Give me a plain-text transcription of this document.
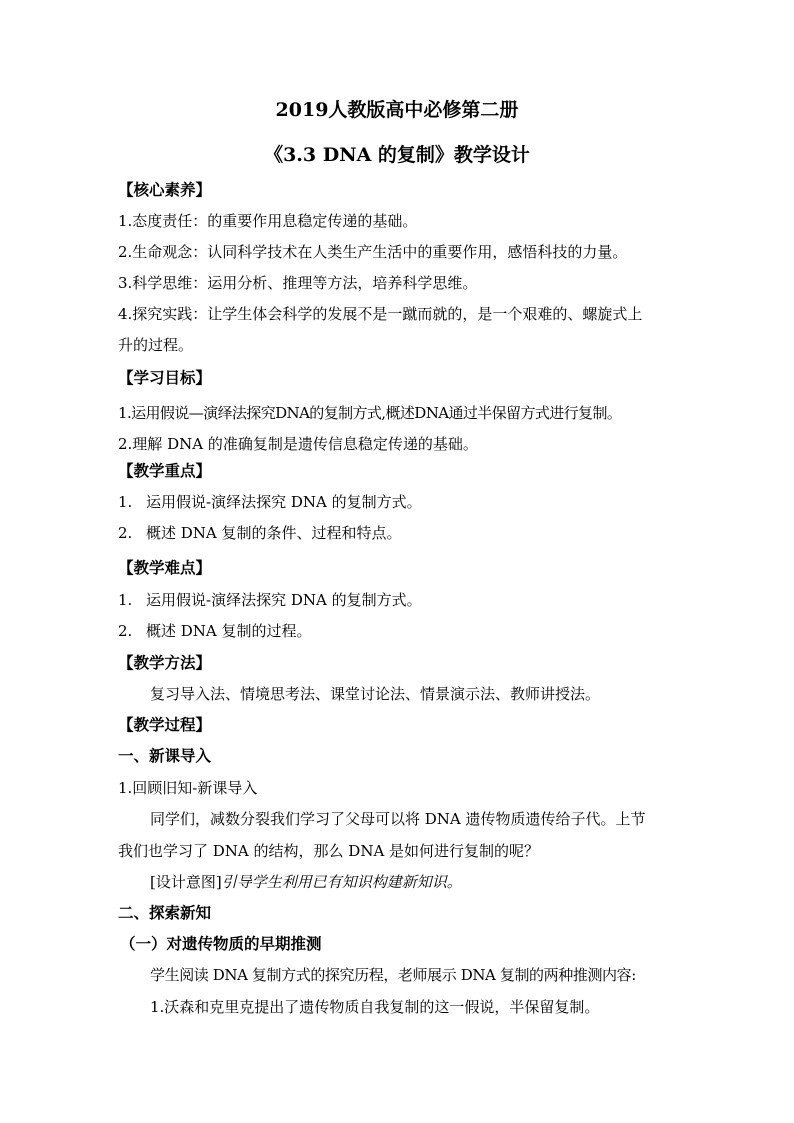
2019人教版高中必修第二册
《3.3 DNA 的复制》教学设计
【核心素养】
1.态度责任：的重要作用息稳定传递的基础。
2.生命观念：认同科学技术在人类生产生活中的重要作用，感悟科技的力量。
3.科学思维：运用分析、推理等方法，培养科学思维。
4.探究实践：让学生体会科学的发展不是一蹴而就的，是一个艰难的、螺旋式上
升的过程。
【学习目标】
1.运用假说—演绎法探究DNA的复制方式,概述DNA通过半保留方式进行复制。
2.理解 DNA 的准确复制是遗传信息稳定传递的基础。
【教学重点】
1. 运用假说-演绎法探究 DNA 的复制方式。
2. 概述 DNA 复制的条件、过程和特点。
【教学难点】
1. 运用假说-演绎法探究 DNA 的复制方式。
2. 概述 DNA 复制的过程。
【教学方法】
复习导入法、情境思考法、课堂讨论法、情景演示法、教师讲授法。
【教学过程】
一、新课导入
1.回顾旧知-新课导入
同学们，减数分裂我们学习了父母可以将 DNA 遗传物质遗传给子代。上节
我们也学习了 DNA 的结构，那么 DNA 是如何进行复制的呢？
[设计意图]引导学生利用已有知识构建新知识。
二、探索新知
（一）对遗传物质的早期推测
学生阅读 DNA 复制方式的探究历程，老师展示 DNA 复制的两种推测内容:
1.沃森和克里克提出了遗传物质自我复制的这一假说，半保留复制。
